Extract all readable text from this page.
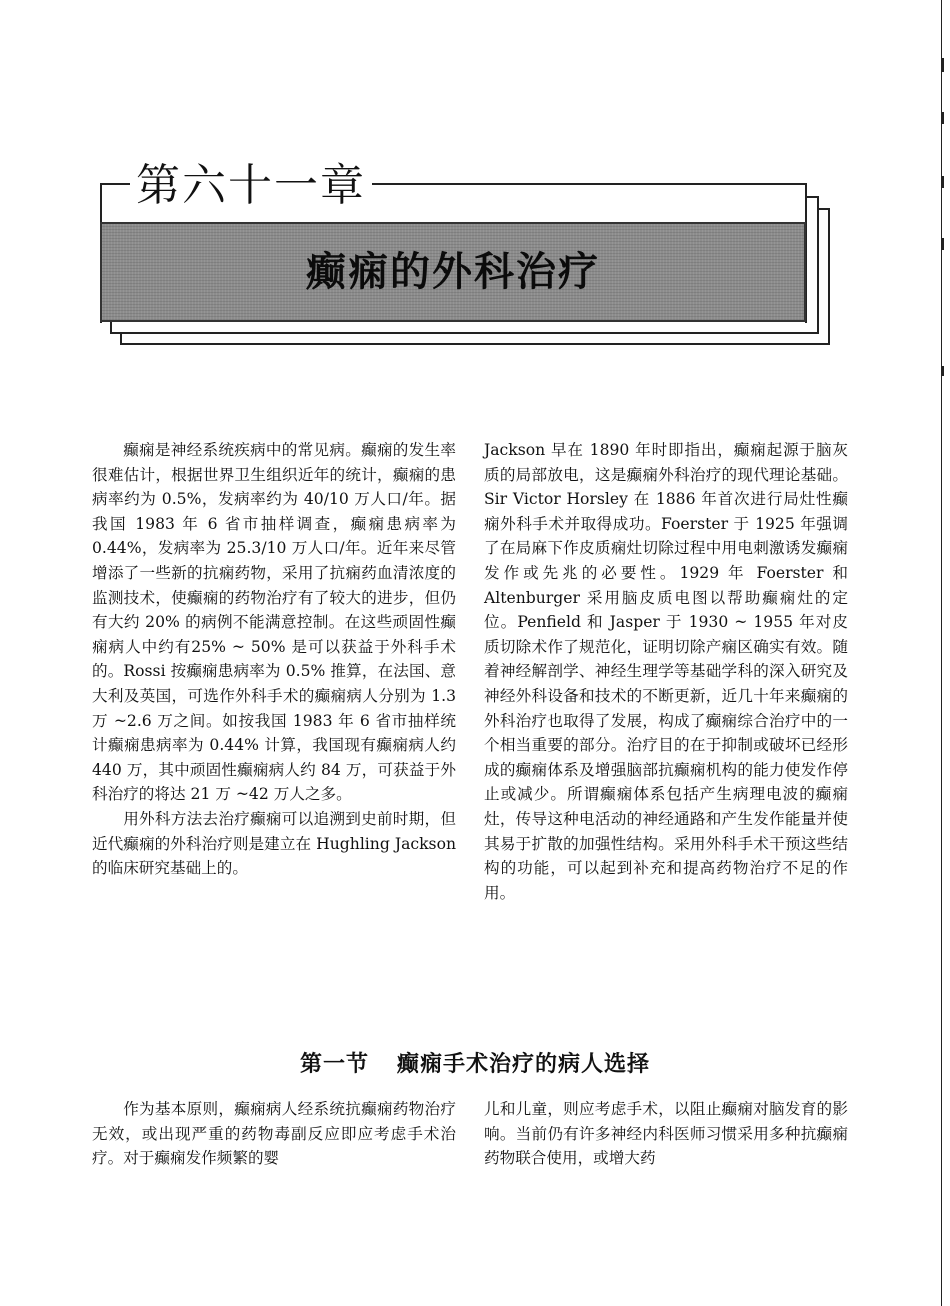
第六十一章
癫痫的外科治疗

癫痫是神经系统疾病中的常见病。癫痫的发生率很难估计，根据世界卫生组织近年的统计，癫痫的患病率约为 0.5%，发病率约为 40/10 万人口/年。据我国 1983 年 6 省市抽样调查，癫痫患病率为 0.44%，发病率为 25.3/10 万人口/年。近年来尽管增添了一些新的抗痫药物，采用了抗痫药血清浓度的监测技术，使癫痫的药物治疗有了较大的进步，但仍有大约 20% 的病例不能满意控制。在这些顽固性癫痫病人中约有25% ~ 50% 是可以获益于外科手术的。Rossi 按癫痫患病率为 0.5% 推算，在法国、意大利及英国，可选作外科手术的癫痫病人分别为 1.3 万 ~2.6 万之间。如按我国 1983 年 6 省市抽样统计癫痫患病率为 0.44% 计算，我国现有癫痫病人约 440 万，其中顽固性癫痫病人约 84 万，可获益于外科治疗的将达 21 万 ~42 万人之多。

用外科方法去治疗癫痫可以追溯到史前时期，但近代癫痫的外科治疗则是建立在 Hughling Jackson 的临床研究基础上的。

Jackson 早在 1890 年时即指出，癫痫起源于脑灰质的局部放电，这是癫痫外科治疗的现代理论基础。Sir Victor Horsley 在 1886 年首次进行局灶性癫痫外科手术并取得成功。Foerster 于 1925 年强调了在局麻下作皮质痫灶切除过程中用电刺激诱发癫痫发作或先兆的必要性。1929 年 Foerster 和 Altenburger 采用脑皮质电图以帮助癫痫灶的定位。Penfield 和 Jasper 于 1930 ~ 1955 年对皮质切除术作了规范化，证明切除产痫区确实有效。随着神经解剖学、神经生理学等基础学科的深入研究及神经外科设备和技术的不断更新，近几十年来癫痫的外科治疗也取得了发展，构成了癫痫综合治疗中的一个相当重要的部分。治疗目的在于抑制或破坏已经形成的癫痫体系及增强脑部抗癫痫机构的能力使发作停止或减少。所谓癫痫体系包括产生病理电波的癫痫灶，传导这种电活动的神经通路和产生发作能量并使其易于扩散的加强性结构。采用外科手术干预这些结构的功能，可以起到补充和提高药物治疗不足的作用。

第一节 癫痫手术治疗的病人选择

作为基本原则，癫痫病人经系统抗癫痫药物治疗无效，或出现严重的药物毒副反应即应考虑手术治疗。对于癫痫发作频繁的婴

儿和儿童，则应考虑手术，以阻止癫痫对脑发育的影响。当前仍有许多神经内科医师习惯采用多种抗癫痫药物联合使用，或增大药
